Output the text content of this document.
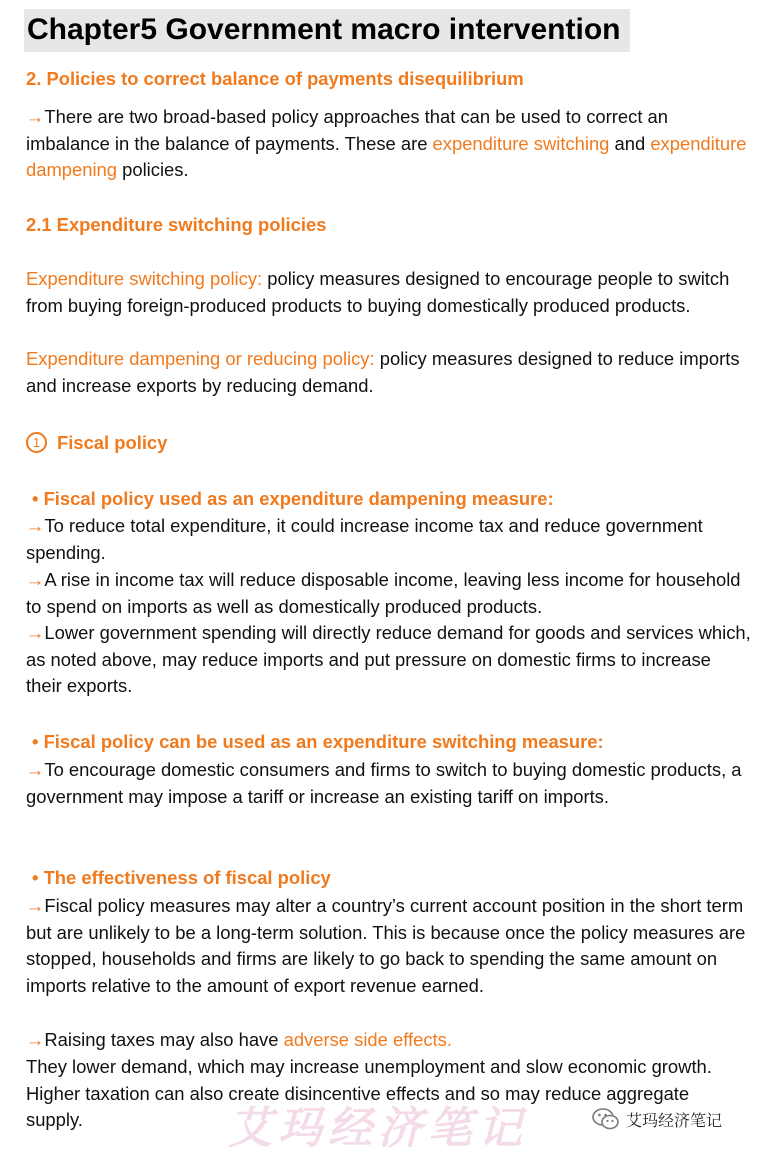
Chapter5 Government macro intervention
2. Policies to correct balance of payments disequilibrium
→There are two broad-based policy approaches that can be used to correct an imbalance in the balance of payments. These are expenditure switching and expenditure dampening policies.
2.1 Expenditure switching policies
Expenditure switching policy: policy measures designed to encourage people to switch from buying foreign-produced products to buying domestically produced products.
Expenditure dampening or reducing policy: policy measures designed to reduce imports and increase exports by reducing demand.
1 Fiscal policy
• Fiscal policy used as an expenditure dampening measure:
→To reduce total expenditure, it could increase income tax and reduce government spending.
→A rise in income tax will reduce disposable income, leaving less income for household to spend on imports as well as domestically produced products.
→Lower government spending will directly reduce demand for goods and services which, as noted above, may reduce imports and put pressure on domestic firms to increase their exports.
• Fiscal policy can be used as an expenditure switching measure:
→To encourage domestic consumers and firms to switch to buying domestic products, a government may impose a tariff or increase an existing tariff on imports.
• The effectiveness of fiscal policy
→Fiscal policy measures may alter a country’s current account position in the short term but are unlikely to be a long-term solution. This is because once the policy measures are stopped, households and firms are likely to go back to spending the same amount on imports relative to the amount of export revenue earned.
→Raising taxes may also have adverse side effects.
They lower demand, which may increase unemployment and slow economic growth. Higher taxation can also create disincentive effects and so may reduce aggregate supply.	艾玛经济笔记	艾玛经济笔记
